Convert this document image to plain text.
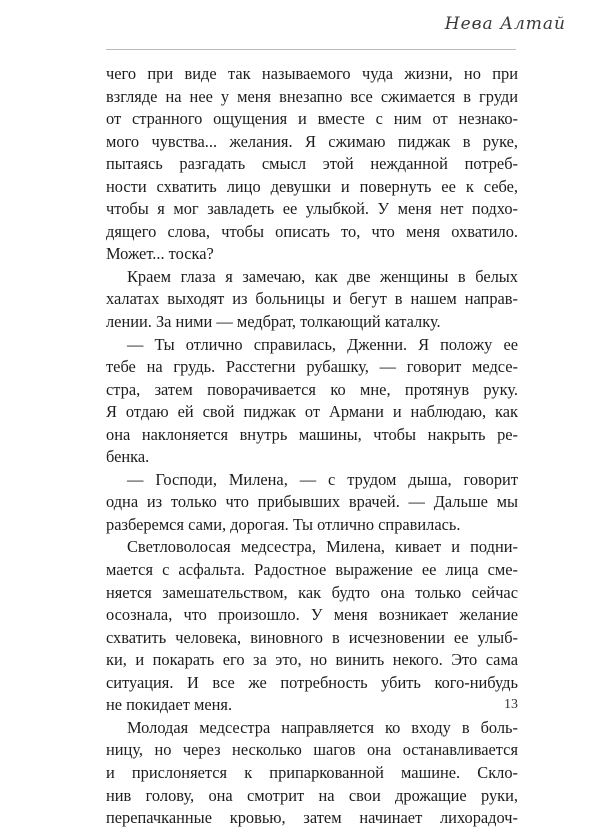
Нева Алтай

чего при виде так называемого чуда жизни, но при
взгляде на нее у меня внезапно все сжимается в груди
от странного ощущения и вместе с ним от незнако-
мого чувства... желания. Я сжимаю пиджак в руке,
пытаясь разгадать смысл этой нежданной потреб-
ности схватить лицо девушки и повернуть ее к себе,
чтобы я мог завладеть ее улыбкой. У меня нет подхо-
дящего слова, чтобы описать то, что меня охватило.
Может... тоска?

Краем глаза я замечаю, как две женщины в белых
халатах выходят из больницы и бегут в нашем направ-
лении. За ними — медбрат, толкающий каталку.

— Ты отлично справилась, Дженни. Я положу ее
тебе на грудь. Расстегни рубашку, — говорит медсе-
стра, затем поворачивается ко мне, протянув руку.
Я отдаю ей свой пиджак от Армани и наблюдаю, как
она наклоняется внутрь машины, чтобы накрыть ре-
бенка.

— Господи, Милена, — с трудом дыша, говорит
одна из только что прибывших врачей. — Дальше мы
разберемся сами, дорогая. Ты отлично справилась.

Светловолосая медсестра, Милена, кивает и подни-
мается с асфальта. Радостное выражение ее лица сме-
няется замешательством, как будто она только сейчас
осознала, что произошло. У меня возникает желание
схватить человека, виновного в исчезновении ее улыб-
ки, и покарать его за это, но винить некого. Это сама
ситуация. И все же потребность убить кого-нибудь
не покидает меня.

Молодая медсестра направляется ко входу в боль-
ницу, но через несколько шагов она останавливается
и прислоняется к припаркованной машине. Склo-
нив голову, она смотрит на свои дрожащие руки,
перепачканные кровью, затем начинает лихорадоч-

13
